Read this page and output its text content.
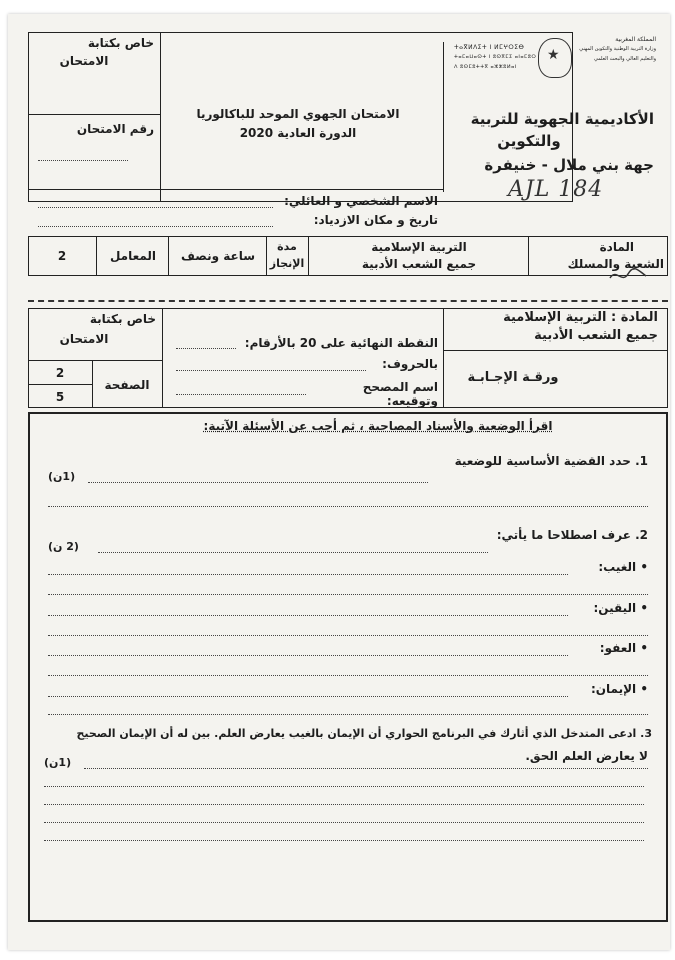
خاص بكتابة
الامتحان
رقم الامتحان
الامتحان الجهوي الموحد للباكالوريا
الدورة العادية 2020
★
المملكة المغربية
وزارة التربية الوطنية والتكوين المهني
والتعليم العالي والبحث العلمي
ⵜⴰⴳⵍⴷⵉⵜ ⵏ ⵍⵎⵖⵔⵉⴱ
ⵜⴰⵎⴰⵡⴰⵙⵜ ⵏ ⵓⵙⴳⵎⵉ ⴰⵏⴰⵎⵓⵔ
ⴷ ⵓⵙⵎⵓⵜⵜⴳ ⴰⵣⵣⵓⵍⴰⵏ
الأكاديمية الجهوية للتربية
والتكوين
جهة بني ملال - خنيفرة
الاسم الشخصي و العائلي:
تاريخ و مكان الازدياد:
AJL 184
المادة
الشعبة والمسلك
التربية الإسلامية
جميع الشعب الأدبية
مدة
الإنجاز
ساعة ونصف
المعامل
2
خاص بكتابة
الامتحان
2
5
الصفحة
النقطة النهائية على 20 بالأرقام:
بالحروف:
اسم المصحح وتوقيعه:
المادة : التربية الإسلامية
جميع الشعب الأدبية
ورقـة الإجـابـة
اقرأ الوضعية والأسناد المصاحبة ، ثم أجب عن الأسئلة الآتية:
1. حدد القضية الأساسية للوضعية
(1ن)
2. عرف اصطلاحا ما يأتي:
(2 ن)
• الغيب:
• اليقين:
• العفو:
• الإيمان:
3. ادعى المتدخل الذي أثارك في البرنامج الحواري أن الإيمان بالغيب يعارض العلم. بين له أن الإيمان الصحيح
لا يعارض العلم الحق.
(1ن)
